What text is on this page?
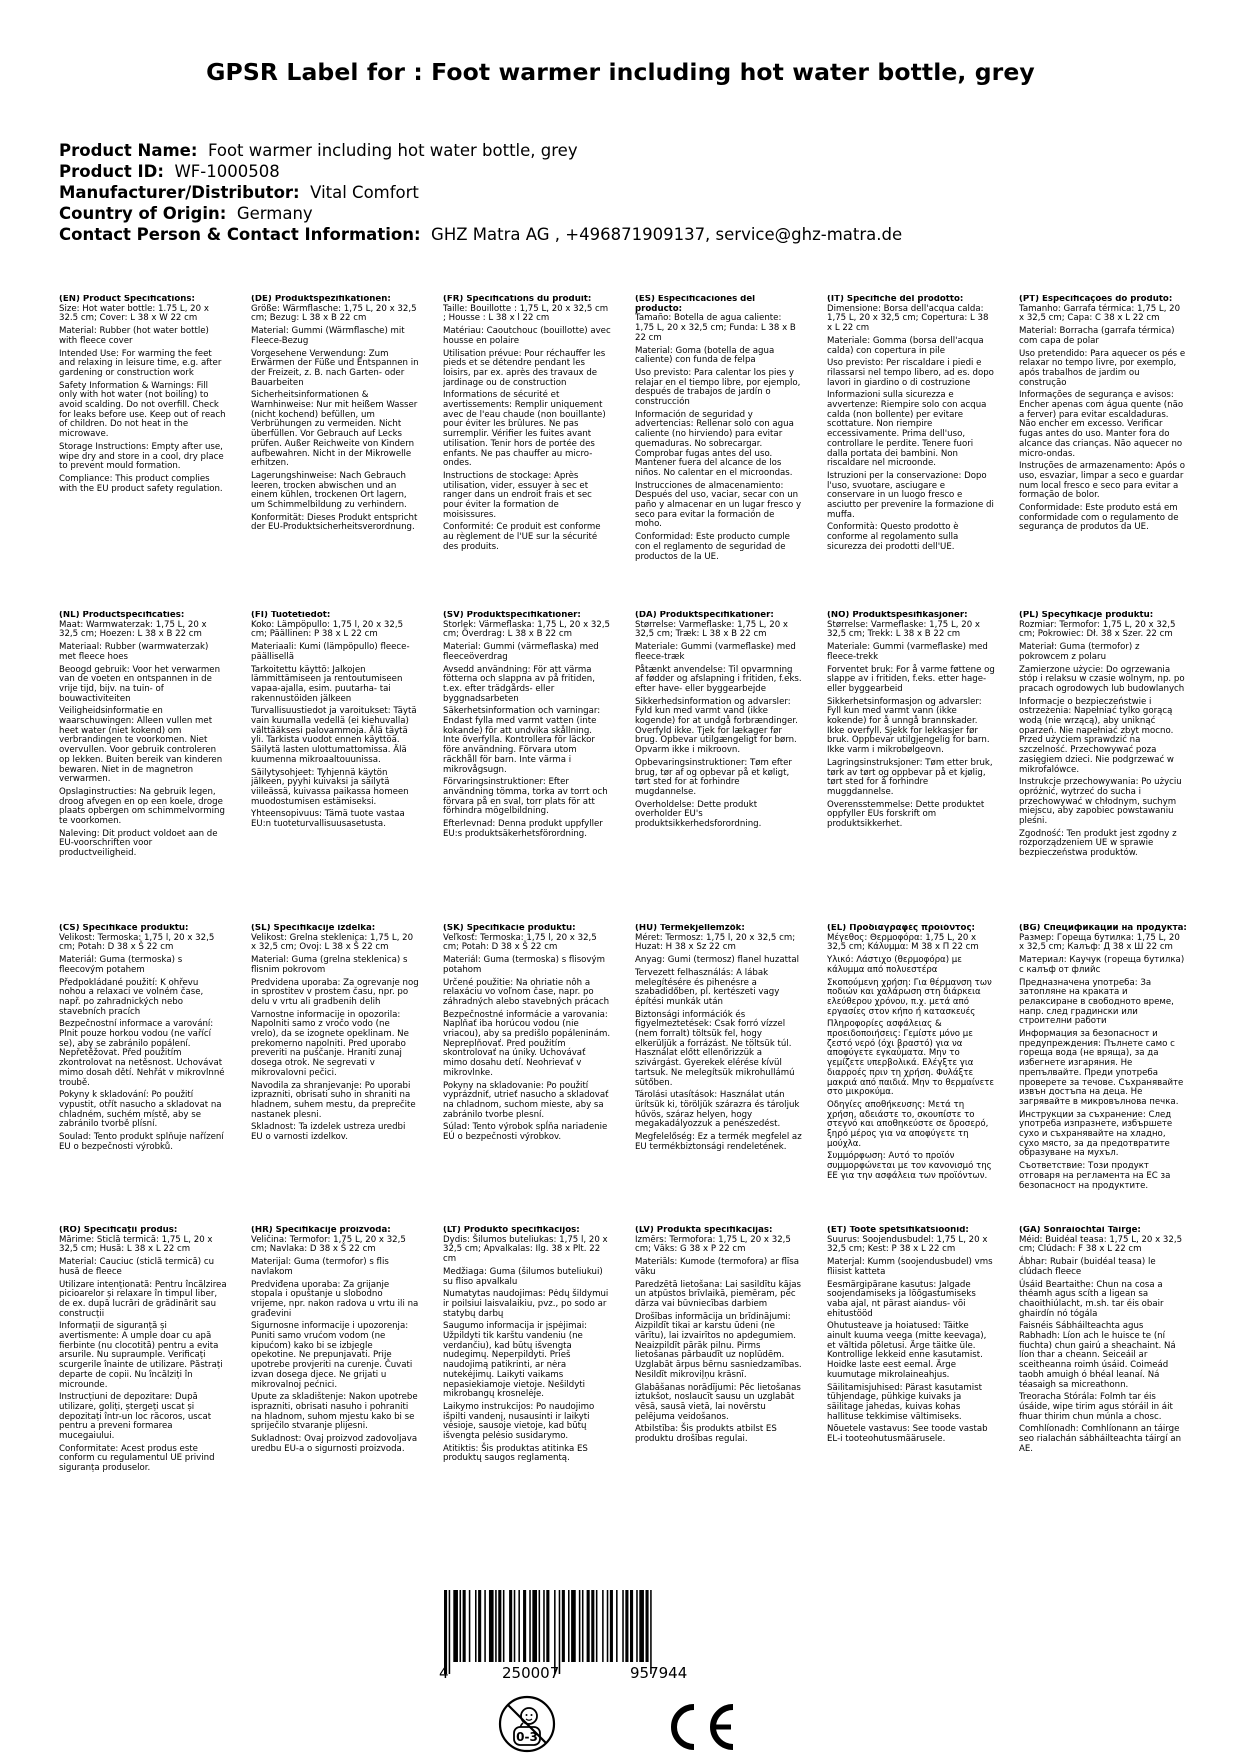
GPSR Label for : Foot warmer including hot water bottle, grey
Product Name: Foot warmer including hot water bottle, grey
Product ID: WF-1000508
Manufacturer/Distributor: Vital Comfort
Country of Origin: Germany
Contact Person & Contact Information: GHZ Matra AG , +496871909137, service@ghz-matra.de
(EN) Product Specifications:

Size: Hot water bottle: 1.75 L, 20 x 32.5 cm; Cover: L 38 x W 22 cm

Material: Rubber (hot water bottle) with fleece cover

Intended Use: For warming the feet and relaxing in leisure time, e.g. after gardening or construction work

Safety Information & Warnings: Fill only with hot water (not boiling) to avoid scalding. Do not overfill. Check for leaks before use. Keep out of reach of children. Do not heat in the microwave.

Storage Instructions: Empty after use, wipe dry and store in a cool, dry place to prevent mould formation.

Compliance: This product complies with the EU product safety regulation.

(DE) Produktspezifikationen:

Größe: Wärmflasche: 1,75 L, 20 x 32,5 cm; Bezug: L 38 x B 22 cm

Material: Gummi (Wärmflasche) mit Fleece-Bezug

Vorgesehene Verwendung: Zum Erwärmen der Füße und Entspannen in der Freizeit, z. B. nach Garten- oder Bauarbeiten

Sicherheitsinformationen & Warnhinweise: Nur mit heißem Wasser (nicht kochend) befüllen, um Verbrühungen zu vermeiden. Nicht überfüllen. Vor Gebrauch auf Lecks prüfen. Außer Reichweite von Kindern aufbewahren. Nicht in der Mikrowelle erhitzen.

Lagerungshinweise: Nach Gebrauch leeren, trocken abwischen und an einem kühlen, trockenen Ort lagern, um Schimmelbildung zu verhindern.

Konformität: Dieses Produkt entspricht der EU-Produktsicherheitsverordnung.

(FR) Spécifications du produit:

Taille: Bouillotte : 1,75 L, 20 x 32,5 cm ; Housse : L 38 x l 22 cm

Matériau: Caoutchouc (bouillotte) avec housse en polaire

Utilisation prévue: Pour réchauffer les pieds et se détendre pendant les loisirs, par ex. après des travaux de jardinage ou de construction

Informations de sécurité et avertissements: Remplir uniquement avec de l'eau chaude (non bouillante) pour éviter les brûlures. Ne pas surremplir. Vérifier les fuites avant utilisation. Tenir hors de portée des enfants. Ne pas chauffer au micro-ondes.

Instructions de stockage: Après utilisation, vider, essuyer à sec et ranger dans un endroit frais et sec pour éviter la formation de moisissures.

Conformité: Ce produit est conforme au règlement de l'UE sur la sécurité des produits.

(ES) Especificaciones del producto:

Tamaño: Botella de agua caliente: 1,75 L, 20 x 32,5 cm; Funda: L 38 x B 22 cm

Material: Goma (botella de agua caliente) con funda de felpa

Uso previsto: Para calentar los pies y relajar en el tiempo libre, por ejemplo, después de trabajos de jardín o construcción

Información de seguridad y advertencias: Rellenar solo con agua caliente (no hirviendo) para evitar quemaduras. No sobrecargar. Comprobar fugas antes del uso. Mantener fuera del alcance de los niños. No calentar en el microondas.

Instrucciones de almacenamiento: Después del uso, vaciar, secar con un paño y almacenar en un lugar fresco y seco para evitar la formación de moho.

Conformidad: Este producto cumple con el reglamento de seguridad de productos de la UE.

(IT) Specifiche del prodotto:

Dimensione: Borsa dell'acqua calda: 1,75 L, 20 x 32,5 cm; Copertura: L 38 x L 22 cm

Materiale: Gomma (borsa dell'acqua calda) con copertura in pile

Uso previsto: Per riscaldare i piedi e rilassarsi nel tempo libero, ad es. dopo lavori in giardino o di costruzione

Informazioni sulla sicurezza e avvertenze: Riempire solo con acqua calda (non bollente) per evitare scottature. Non riempire eccessivamente. Prima dell'uso, controllare le perdite. Tenere fuori dalla portata dei bambini. Non riscaldare nel microonde.

Istruzioni per la conservazione: Dopo l'uso, svuotare, asciugare e conservare in un luogo fresco e asciutto per prevenire la formazione di muffa.

Conformità: Questo prodotto è conforme al regolamento sulla sicurezza dei prodotti dell'UE.

(PT) Especificações do produto:

Tamanho: Garrafa térmica: 1,75 L, 20 x 32,5 cm; Capa: C 38 x L 22 cm

Material: Borracha (garrafa térmica) com capa de polar

Uso pretendido: Para aquecer os pés e relaxar no tempo livre, por exemplo, após trabalhos de jardim ou construção

Informações de segurança e avisos: Encher apenas com água quente (não a ferver) para evitar escaldaduras. Não encher em excesso. Verificar fugas antes do uso. Manter fora do alcance das crianças. Não aquecer no micro-ondas.

Instruções de armazenamento: Após o uso, esvaziar, limpar a seco e guardar num local fresco e seco para evitar a formação de bolor.

Conformidade: Este produto está em conformidade com o regulamento de segurança de produtos da UE.

(NL) Productspecificaties:

Maat: Warmwaterzak: 1,75 L, 20 x 32,5 cm; Hoezen: L 38 x B 22 cm

Materiaal: Rubber (warmwaterzak) met fleece hoes

Beoogd gebruik: Voor het verwarmen van de voeten en ontspannen in de vrije tijd, bijv. na tuin- of bouwactiviteiten

Veiligheidsinformatie en waarschuwingen: Alleen vullen met heet water (niet kokend) om verbrandingen te voorkomen. Niet overvullen. Voor gebruik controleren op lekken. Buiten bereik van kinderen bewaren. Niet in de magnetron verwarmen.

Opslaginstructies: Na gebruik legen, droog afvegen en op een koele, droge plaats opbergen om schimmelvorming te voorkomen.

Naleving: Dit product voldoet aan de EU-voorschriften voor productveiligheid.

(FI) Tuotetiedot:

Koko: Lämpöpullo: 1,75 l, 20 x 32,5 cm; Päällinen: P 38 x L 22 cm

Materiaali: Kumi (lämpöpullo) fleece-päällisellä

Tarkoitettu käyttö: Jalkojen lämmittämiseen ja rentoutumiseen vapaa-ajalla, esim. puutarha- tai rakennustöiden jälkeen

Turvallisuustiedot ja varoitukset: Täytä vain kuumalla vedellä (ei kiehuvalla) välttääksesi palovammoja. Älä täytä yli. Tarkista vuodot ennen käyttöä. Säilytä lasten ulottumattomissa. Älä kuumenna mikroaaltouunissa.

Säilytysohjeet: Tyhjennä käytön jälkeen, pyyhi kuivaksi ja säilytä viileässä, kuivassa paikassa homeen muodostumisen estämiseksi.

Yhteensopivuus: Tämä tuote vastaa EU:n tuoteturvallisuusasetusta.

(SV) Produktspecifikationer:

Storlek: Värmeflaska: 1,75 L, 20 x 32,5 cm; Överdrag: L 38 x B 22 cm

Material: Gummi (värmeflaska) med fleeceöverdrag

Avsedd användning: För att värma fötterna och slappna av på fritiden, t.ex. efter trädgårds- eller byggnadsarbeten

Säkerhetsinformation och varningar: Endast fylla med varmt vatten (inte kokande) för att undvika skållning. Inte överfylla. Kontrollera för läckor före användning. Förvara utom räckhåll för barn. Inte värma i mikrovågsugn.

Förvaringsinstruktioner: Efter användning tömma, torka av torrt och förvara på en sval, torr plats för att förhindra mögelbildning.

Efterlevnad: Denna produkt uppfyller EU:s produktsäkerhetsförordning.

(DA) Produktspecifikationer:

Størrelse: Varmeflaske: 1,75 L, 20 x 32,5 cm; Træk: L 38 x B 22 cm

Materiale: Gummi (varmeflaske) med fleece-træk

Påtænkt anvendelse: Til opvarmning af fødder og afslapning i fritiden, f.eks. efter have- eller byggearbejde

Sikkerhedsinformation og advarsler: Fyld kun med varmt vand (ikke kogende) for at undgå forbrændinger. Overfyld ikke. Tjek for lækager før brug. Opbevar utilgængeligt for børn. Opvarm ikke i mikroovn.

Opbevaringsinstruktioner: Tøm efter brug, tør af og opbevar på et køligt, tørt sted for at forhindre mugdannelse.

Overholdelse: Dette produkt overholder EU's produktsikkerhedsforordning.

(NO) Produktspesifikasjoner:

Størrelse: Varmeflaske: 1,75 L, 20 x 32,5 cm; Trekk: L 38 x B 22 cm

Materiale: Gummi (varmeflaske) med fleece-trekk

Forventet bruk: For å varme føttene og slappe av i fritiden, f.eks. etter hage- eller byggearbeid

Sikkerhetsinformasjon og advarsler: Fyll kun med varmt vann (ikke kokende) for å unngå brannskader. Ikke overfyll. Sjekk for lekkasjer før bruk. Oppbevar utilgjengelig for barn. Ikke varm i mikrobølgeovn.

Lagringsinstruksjoner: Tøm etter bruk, tørk av tørt og oppbevar på et kjølig, tørt sted for å forhindre muggdannelse.

Overensstemmelse: Dette produktet oppfyller EUs forskrift om produktsikkerhet.

(PL) Specyfikacje produktu:

Rozmiar: Termofor: 1,75 L, 20 x 32,5 cm; Pokrowiec: Dł. 38 x Szer. 22 cm

Materiał: Guma (termofor) z pokrowcem z polaru

Zamierzone użycie: Do ogrzewania stóp i relaksu w czasie wolnym, np. po pracach ogrodowych lub budowlanych

Informacje o bezpieczeństwie i ostrzeżenia: Napełniać tylko gorącą wodą (nie wrzącą), aby uniknąć oparzeń. Nie napełniać zbyt mocno. Przed użyciem sprawdzić na szczelność. Przechowywać poza zasięgiem dzieci. Nie podgrzewać w mikrofalówce.

Instrukcje przechowywania: Po użyciu opróżnić, wytrzeć do sucha i przechowywać w chłodnym, suchym miejscu, aby zapobiec powstawaniu pleśni.

Zgodność: Ten produkt jest zgodny z rozporządzeniem UE w sprawie bezpieczeństwa produktów.

(CS) Specifikace produktu:

Velikost: Termoska: 1,75 l, 20 x 32,5 cm; Potah: D 38 x Š 22 cm

Materiál: Guma (termoska) s fleecovým potahem

Předpokládané použití: K ohřevu nohou a relaxaci ve volném čase, např. po zahradnických nebo stavebních pracích

Bezpečnostní informace a varování: Plnit pouze horkou vodou (ne vařící se), aby se zabránilo popálení. Nepřetěžovat. Před použitím zkontrolovat na netěsnost. Uchovávat mimo dosah dětí. Nehřát v mikrovlnné troubě.

Pokyny k skladování: Po použití vypustit, otřít nasucho a skladovat na chladném, suchém místě, aby se zabránilo tvorbě plísní.

Soulad: Tento produkt splňuje nařízení EU o bezpečnosti výrobků.

(SL) Specifikacije izdelka:

Velikost: Grelna steklenica: 1,75 L, 20 x 32,5 cm; Ovoj: L 38 x Š 22 cm

Material: Guma (grelna steklenica) s flisnim pokrovom

Predvidena uporaba: Za ogrevanje nog in sprostitev v prostem času, npr. po delu v vrtu ali gradbenih delih

Varnostne informacije in opozorila: Napolniti samo z vročo vodo (ne vrelo), da se izognete opeklinam. Ne prekomerno napolniti. Pred uporabo preveriti na puščanje. Hraniti zunaj dosega otrok. Ne segrevati v mikrovalovni pečici.

Navodila za shranjevanje: Po uporabi izprazniti, obrisati suho in shraniti na hladnem, suhem mestu, da preprečite nastanek plesni.

Skladnost: Ta izdelek ustreza uredbi EU o varnosti izdelkov.

(SK) Špecifikácie produktu:

Veľkosť: Termoska: 1,75 l, 20 x 32,5 cm; Potah: D 38 x Š 22 cm

Materiál: Guma (termoska) s flisovým potahom

Určené použitie: Na ohriatie nôh a relaxáciu vo voľnom čase, napr. po záhradných alebo stavebných prácach

Bezpečnostné informácie a varovania: Naplňať iba horúcou vodou (nie vriacou), aby sa predišlo popáleninám. Nepreplňovať. Pred použitím skontrolovať na úniky. Uchovávať mimo dosahu detí. Neohrievať v mikrovlnke.

Pokyny na skladovanie: Po použití vyprázdniť, utrieť nasucho a skladovať na chladnom, suchom mieste, aby sa zabránilo tvorbe plesní.

Súlad: Tento výrobok spĺňa nariadenie EÚ o bezpečnosti výrobkov.

(HU) Termékjellemzők:

Méret: Termosz: 1,75 l, 20 x 32,5 cm; Huzat: H 38 x Sz 22 cm

Anyag: Gumi (termosz) flanel huzattal

Tervezett felhasználás: A lábak melegítésére és pihenésre a szabadidőben, pl. kertészeti vagy építési munkák után

Biztonsági információk és figyelmeztetések: Csak forró vízzel (nem forralt) töltsük fel, hogy elkerüljük a forrázást. Ne töltsük túl. Használat előtt ellenőrizzük a szivárgást. Gyerekek elérése kívül tartsuk. Ne melegítsük mikrohullámú sütőben.

Tárolási utasítások: Használat után ürítsük ki, töröljük szárazra és tároljuk hűvös, száraz helyen, hogy megakadályozzuk a penészedést.

Megfelelőség: Ez a termék megfelel az EU termékbiztonsági rendeletének.

(EL) Προδιαγραφές προϊόντος:

Μέγεθος: Θερμοφόρα: 1,75 L, 20 x 32,5 cm; Κάλυμμα: Μ 38 x Π 22 cm

Υλικό: Λάστιχο (θερμοφόρα) με κάλυμμα από πολυεστέρα

Σκοπούμενη χρήση: Για θέρμανση των ποδιών και χαλάρωση στη διάρκεια ελεύθερου χρόνου, π.χ. μετά από εργασίες στον κήπο ή κατασκευές

Πληροφορίες ασφάλειας & προειδοποιήσεις: Γεμίστε μόνο με ζεστό νερό (όχι βραστό) για να αποφύγετε εγκαύματα. Μην το γεμίζετε υπερβολικά. Ελέγξτε για διαρροές πριν τη χρήση. Φυλάξτε μακριά από παιδιά. Μην το θερμαίνετε στο μικροκύμα.

Οδηγίες αποθήκευσης: Μετά τη χρήση, αδειάστε το, σκουπίστε το στεγνό και αποθηκεύστε σε δροσερό, ξηρό μέρος για να αποφύγετε τη μούχλα.

Συμμόρφωση: Αυτό το προϊόν συμμορφώνεται με τον κανονισμό της ΕΕ για την ασφάλεια των προϊόντων.

(BG) Спецификации на продукта:

Размер: Гореща бутилка: 1,75 L, 20 x 32,5 cm; Калъф: Д 38 x Ш 22 cm

Материал: Каучук (гореща бутилка) с калъф от флийс

Предназначена употреба: За затопляне на краката и релаксиране в свободното време, напр. след градински или строителни работи

Информация за безопасност и предупреждения: Пълнете само с гореща вода (не вряща), за да избегнете изгаряния. Не препълвайте. Преди употреба проверете за течове. Съхранявайте извън достъпа на деца. Не загрявайте в микровълнова печка.

Инструкции за съхранение: След употреба изпразнете, избършете сухо и съхранявайте на хладно, сухо място, за да предотвратите образуване на мухъл.

Съответствие: Този продукт отговаря на регламента на ЕС за безопасност на продуктите.

(RO) Specificații produs:

Mărime: Sticlă termică: 1,75 L, 20 x 32,5 cm; Husă: L 38 x L 22 cm

Material: Cauciuc (sticlă termică) cu husă de fleece

Utilizare intenționată: Pentru încălzirea picioarelor și relaxare în timpul liber, de ex. după lucrări de grădinărit sau construcții

Informații de siguranță și avertismente: A umple doar cu apă fierbinte (nu clocotită) pentru a evita arsurile. Nu supraumple. Verificați scurgerile înainte de utilizare. Păstrați departe de copii. Nu încălziți în microunde.

Instrucțiuni de depozitare: După utilizare, goliți, ștergeți uscat și depozitați într-un loc răcoros, uscat pentru a preveni formarea mucegaiului.

Conformitate: Acest produs este conform cu regulamentul UE privind siguranța produselor.

(HR) Specifikacije proizvoda:

Veličina: Termofor: 1,75 L, 20 x 32,5 cm; Navlaka: D 38 x Š 22 cm

Materijal: Guma (termofor) s flis navlakom

Predviđena uporaba: Za grijanje stopala i opuštanje u slobodno vrijeme, npr. nakon radova u vrtu ili na građevini

Sigurnosne informacije i upozorenja: Puniti samo vrućom vodom (ne kipućom) kako bi se izbjegle opekotine. Ne prepunjavati. Prije upotrebe provjeriti na curenje. Čuvati izvan dosega djece. Ne grijati u mikrovalnoj pećnici.

Upute za skladištenje: Nakon upotrebe isprazniti, obrisati nasuho i pohraniti na hladnom, suhom mjestu kako bi se spriječilo stvaranje plijesni.

Sukladnost: Ovaj proizvod zadovoljava uredbu EU-a o sigurnosti proizvoda.

(LT) Produkto specifikacijos:

Dydis: Šilumos buteliukas: 1,75 l, 20 x 32,5 cm; Apvalkalas: Ilg. 38 x Plt. 22 cm

Medžiaga: Guma (šilumos buteliukui) su fliso apvalkalu

Numatytas naudojimas: Pėdų šildymui ir poilsiui laisvalaikiu, pvz., po sodo ar statybų darbų

Saugumo informacija ir įspėjimai: Užpildyti tik karštu vandeniu (ne verdančiu), kad būtų išvengta nudegimų. Neperpildyti. Prieš naudojimą patikrinti, ar nėra nutekėjimų. Laikyti vaikams nepasiekiamoje vietoje. Nešildyti mikrobangų krosnelėje.

Laikymo instrukcijos: Po naudojimo išpilti vandenį, nusausinti ir laikyti vėsioje, sausoje vietoje, kad būtų išvengta pelėsio susidarymo.

Atitiktis: Šis produktas atitinka ES produktų saugos reglamentą.

(LV) Produkta specifikācijas:

Izmērs: Termofora: 1,75 L, 20 x 32,5 cm; Vāks: G 38 x P 22 cm

Materiāls: Kumode (termofora) ar flīsa vāku

Paredzētā lietošana: Lai sasildītu kājas un atpūstos brīvlaikā, piemēram, pēc dārza vai būvniecības darbiem

Drošības informācija un brīdinājumi: Aizpildīt tikai ar karstu ūdeni (ne vārītu), lai izvairītos no apdegumiem. Neaizpildīt pārāk pilnu. Pirms lietošanas pārbaudīt uz noplūdēm. Uzglabāt ārpus bērnu sasniedzamības. Nesildīt mikroviļņu krāsnī.

Glabāšanas norādījumi: Pēc lietošanas iztukšot, noslaucīt sausu un uzglabāt vēsā, sausā vietā, lai novērstu pelējuma veidošanos.

Atbilstība: Šis produkts atbilst ES produktu drošības regulai.

(ET) Toote spetsifikatsioonid:

Suurus: Soojendusbudel: 1,75 L, 20 x 32,5 cm; Kest: P 38 x L 22 cm

Materjal: Kumm (soojendusbudel) vms fliisist katteta

Eesmärgipärane kasutus: Jalgade soojendamiseks ja lõõgastumiseks vaba ajal, nt pärast aiandus- või ehitustööd

Ohutusteave ja hoiatused: Täitke ainult kuuma veega (mitte keevaga), et vältida põletusi. Ärge täitke üle. Kontrollige lekkeid enne kasutamist. Hoidke laste eest eemal. Ärge kuumutage mikrolaineahjus.

Säilitamisjuhised: Pärast kasutamist tühjendage, pühkige kuivaks ja säilitage jahedas, kuivas kohas hallituse tekkimise vältimiseks.

Nõuetele vastavus: See toode vastab EL-i tooteohutusmäärusele.

(GA) Sonraíochtaí Táirge:

Méid: Buidéal teasa: 1,75 L, 20 x 32,5 cm; Clúdach: F 38 x L 22 cm

Ábhar: Rubair (buidéal teasa) le clúdach fleece

Úsáid Beartaithe: Chun na cosa a théamh agus scíth a ligean sa chaoithiúlacht, m.sh. tar éis obair ghairdín nó tógála

Faisnéis Sábháilteachta agus Rabhadh: Líon ach le huisce te (ní fiuchta) chun gairú a sheachaint. Ná líon thar a cheann. Seiceáil ar sceitheanna roimh úsáid. Coimeád taobh amuigh ó bhéal leanaí. Ná téasaigh sa micreathonn.

Treoracha Stórála: Folmh tar éis úsáide, wipe tirim agus stóráil in áit fhuar thirim chun múnla a chosc.

Comhlíonadh: Comhlíonann an táirge seo rialachán sábháilteachta táirgí an AE.

4	250007	957944
0-3
